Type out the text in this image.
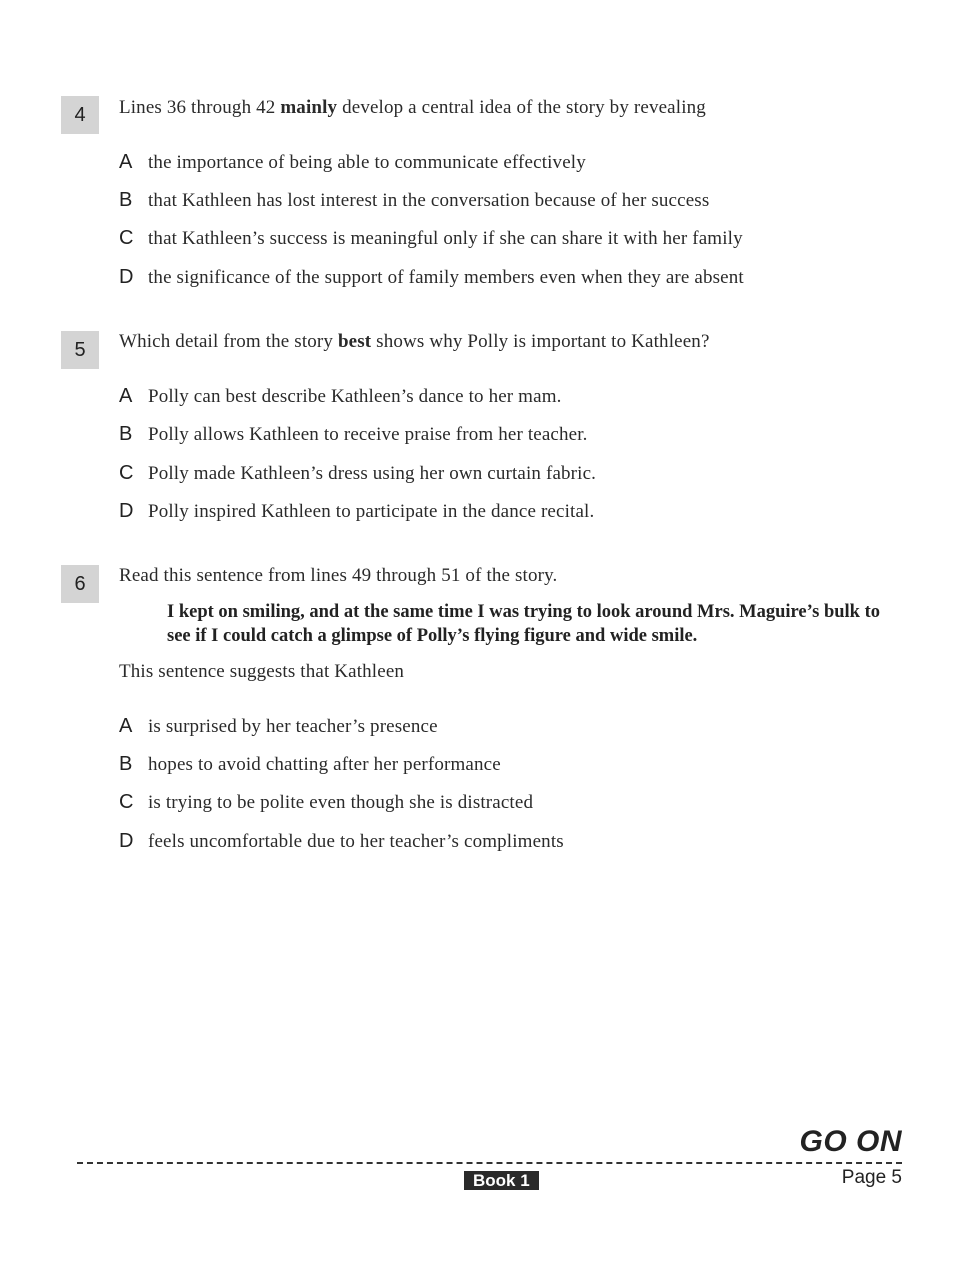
4	Lines 36 through 42 mainly develop a central idea of the story by revealing
A the importance of being able to communicate effectively
B that Kathleen has lost interest in the conversation because of her success
C that Kathleen’s success is meaningful only if she can share it with her family
D the significance of the support of family members even when they are absent
5	Which detail from the story best shows why Polly is important to Kathleen?
A Polly can best describe Kathleen’s dance to her mam.
B Polly allows Kathleen to receive praise from her teacher.
C Polly made Kathleen’s dress using her own curtain fabric.
D Polly inspired Kathleen to participate in the dance recital.
6	Read this sentence from lines 49 through 51 of the story.
I kept on smiling, and at the same time I was trying to look around Mrs. Maguire’s bulk to see if I could catch a glimpse of Polly’s flying figure and wide smile.
This sentence suggests that Kathleen
A is surprised by her teacher’s presence
B hopes to avoid chatting after her performance
C is trying to be polite even though she is distracted
D feels uncomfortable due to her teacher’s compliments
GO ON
Book 1	Page 5
